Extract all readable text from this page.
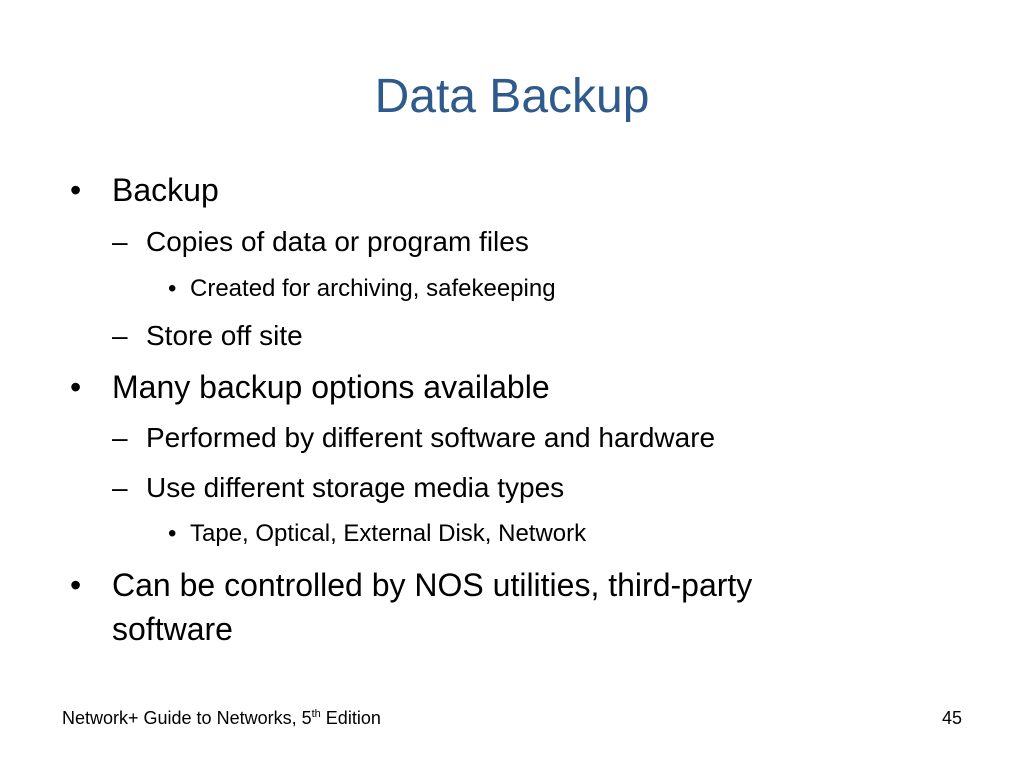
Data Backup
• Backup
– Copies of data or program files
• Created for archiving, safekeeping
– Store off site
• Many backup options available
– Performed by different software and hardware
– Use different storage media types
• Tape, Optical, External Disk, Network
• Can be controlled by NOS utilities, third-party
software
Network+ Guide to Networks, 5th Edition	45
